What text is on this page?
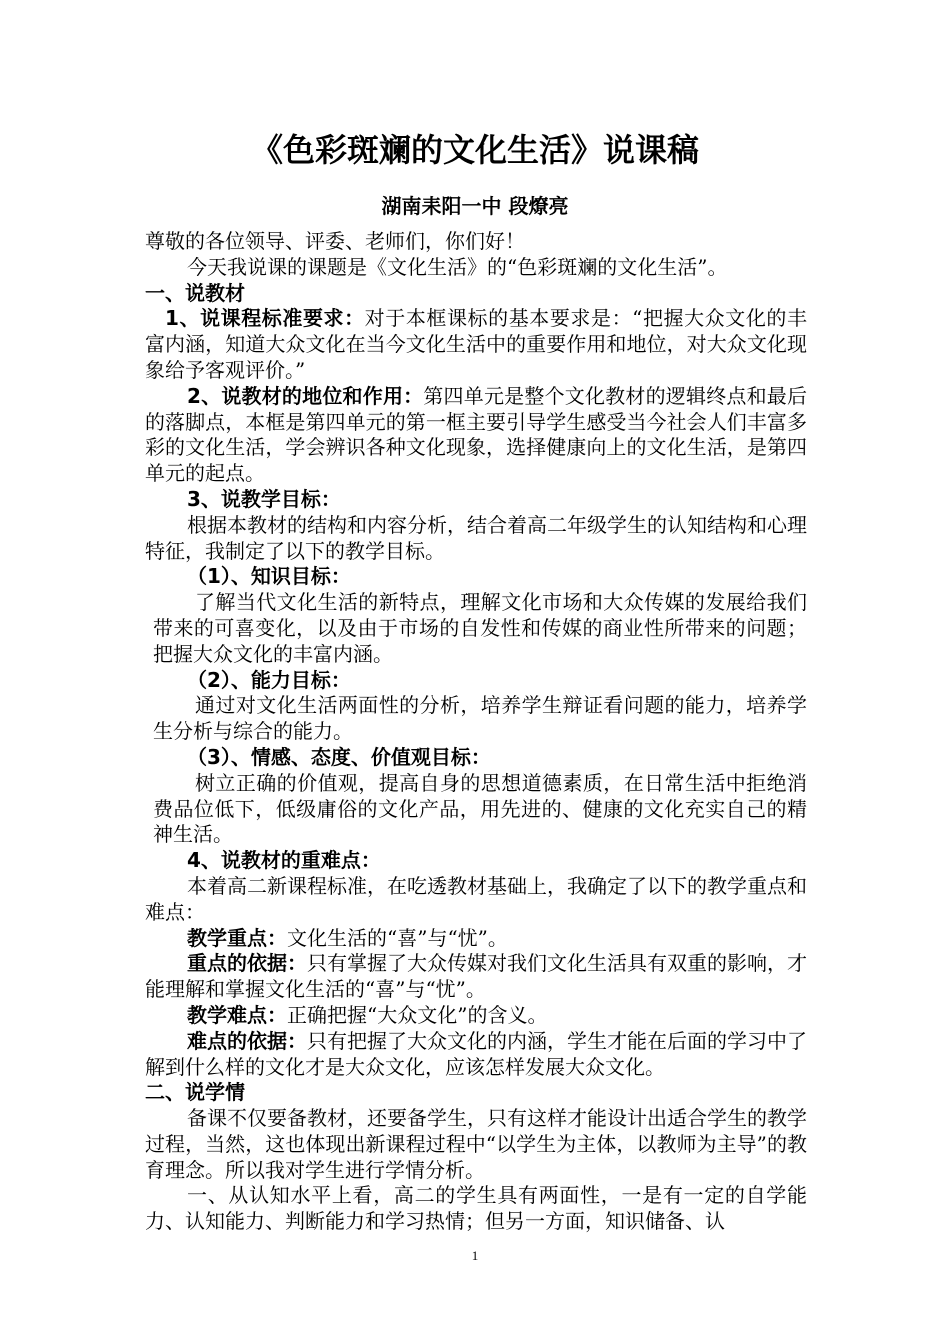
《色彩斑斓的文化生活》说课稿
湖南耒阳一中 段燎亮

尊敬的各位领导、评委、老师们，你们好！

今天我说课的课题是《文化生活》的“色彩斑斓的文化生活”。

一、说教材

1、说课程标准要求：对于本框课标的基本要求是：“把握大众文化的丰富内涵，知道大众文化在当今文化生活中的重要作用和地位，对大众文化现象给予客观评价。”

2、说教材的地位和作用：第四单元是整个文化教材的逻辑终点和最后的落脚点，本框是第四单元的第一框主要引导学生感受当今社会人们丰富多彩的文化生活，学会辨识各种文化现象，选择健康向上的文化生活，是第四单元的起点。

3、说教学目标：

根据本教材的结构和内容分析，结合着高二年级学生的认知结构和心理特征，我制定了以下的教学目标。

（1）、知识目标：

了解当代文化生活的新特点，理解文化市场和大众传媒的发展给我们带来的可喜变化，以及由于市场的自发性和传媒的商业性所带来的问题；把握大众文化的丰富内涵。

（2）、能力目标：

通过对文化生活两面性的分析，培养学生辩证看问题的能力，培养学生分析与综合的能力。

（3）、情感、态度、价值观目标：

树立正确的价值观，提高自身的思想道德素质，在日常生活中拒绝消费品位低下，低级庸俗的文化产品，用先进的、健康的文化充实自己的精神生活。

4、说教材的重难点：

本着高二新课程标准，在吃透教材基础上，我确定了以下的教学重点和难点：

教学重点：文化生活的“喜”与“忧”。

重点的依据：只有掌握了大众传媒对我们文化生活具有双重的影响，才能理解和掌握文化生活的“喜”与“忧”。

教学难点：正确把握“大众文化”的含义。

难点的依据：只有把握了大众文化的内涵，学生才能在后面的学习中了解到什么样的文化才是大众文化，应该怎样发展大众文化。

二、说学情

备课不仅要备教材，还要备学生，只有这样才能设计出适合学生的教学过程，当然，这也体现出新课程过程中“以学生为主体，以教师为主导”的教育理念。所以我对学生进行学情分析。

一、从认知水平上看，高二的学生具有两面性，一是有一定的自学能力、认知能力、判断能力和学习热情；但另一方面，知识储备、认

1
